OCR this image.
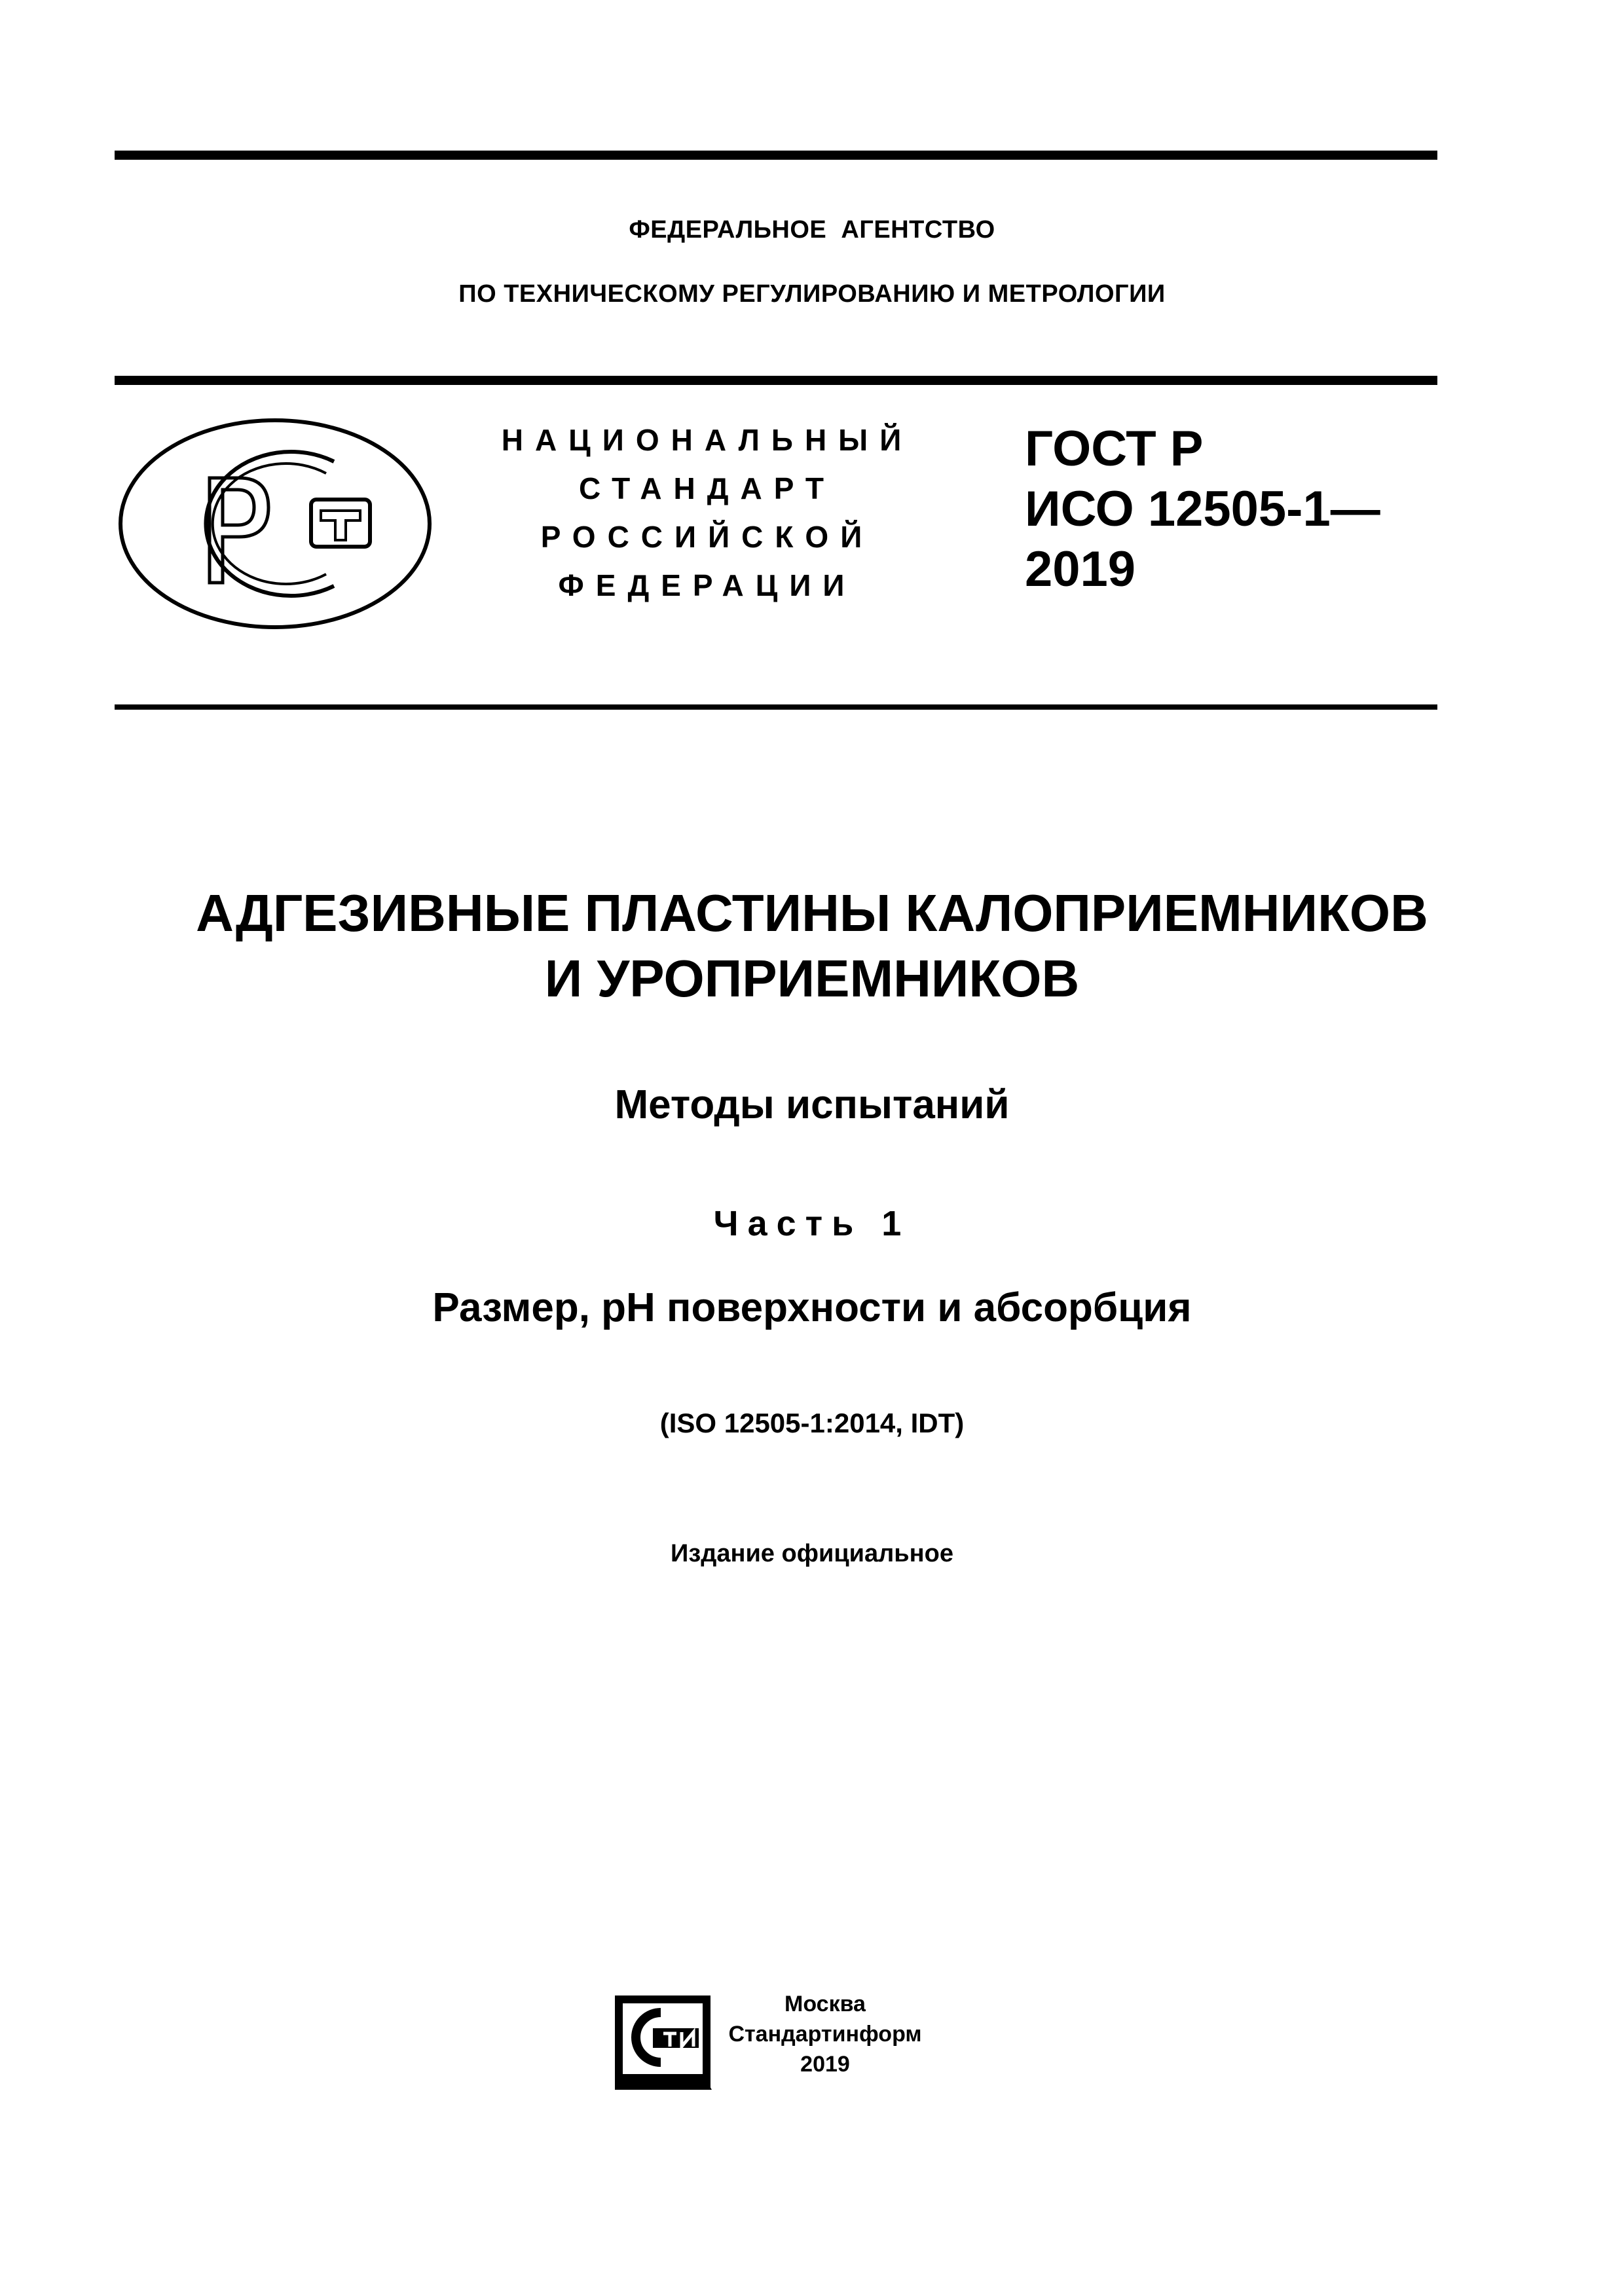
ФЕДЕРАЛЬНОЕ  АГЕНТСТВО
ПО ТЕХНИЧЕСКОМУ РЕГУЛИРОВАНИЮ И МЕТРОЛОГИИ
НАЦИОНАЛЬНЫЙ
СТАНДАРТ
РОССИЙСКОЙ
ФЕДЕРАЦИИ
ГОСТ Р
ИСО 12505-1—
2019
АДГЕЗИВНЫЕ ПЛАСТИНЫ КАЛОПРИЕМНИКОВ
И УРОПРИЕМНИКОВ
Методы испытаний
Часть 1
Размер, pH поверхности и абсорбция
(ISO 12505-1:2014, IDT)
Издание официальное
Москва
Стандартинформ
2019
